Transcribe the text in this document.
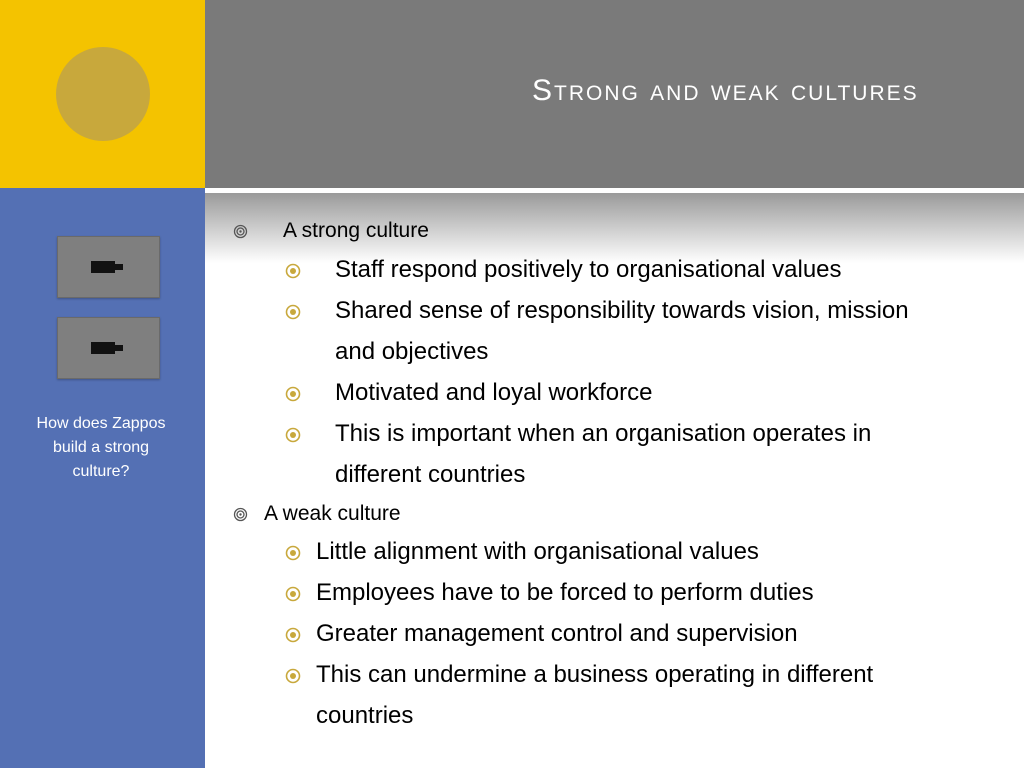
How does Zappos
build a strong
culture?
Strong and weak cultures
A strong culture
Staff respond positively to organisational values
Shared sense of responsibility towards vision, mission
and objectives
Motivated and loyal workforce
This is important when an organisation operates in
different countries
A weak culture
Little alignment with organisational values
Employees have to be forced to perform duties
Greater management control and supervision
This can undermine a business operating in different
countries
